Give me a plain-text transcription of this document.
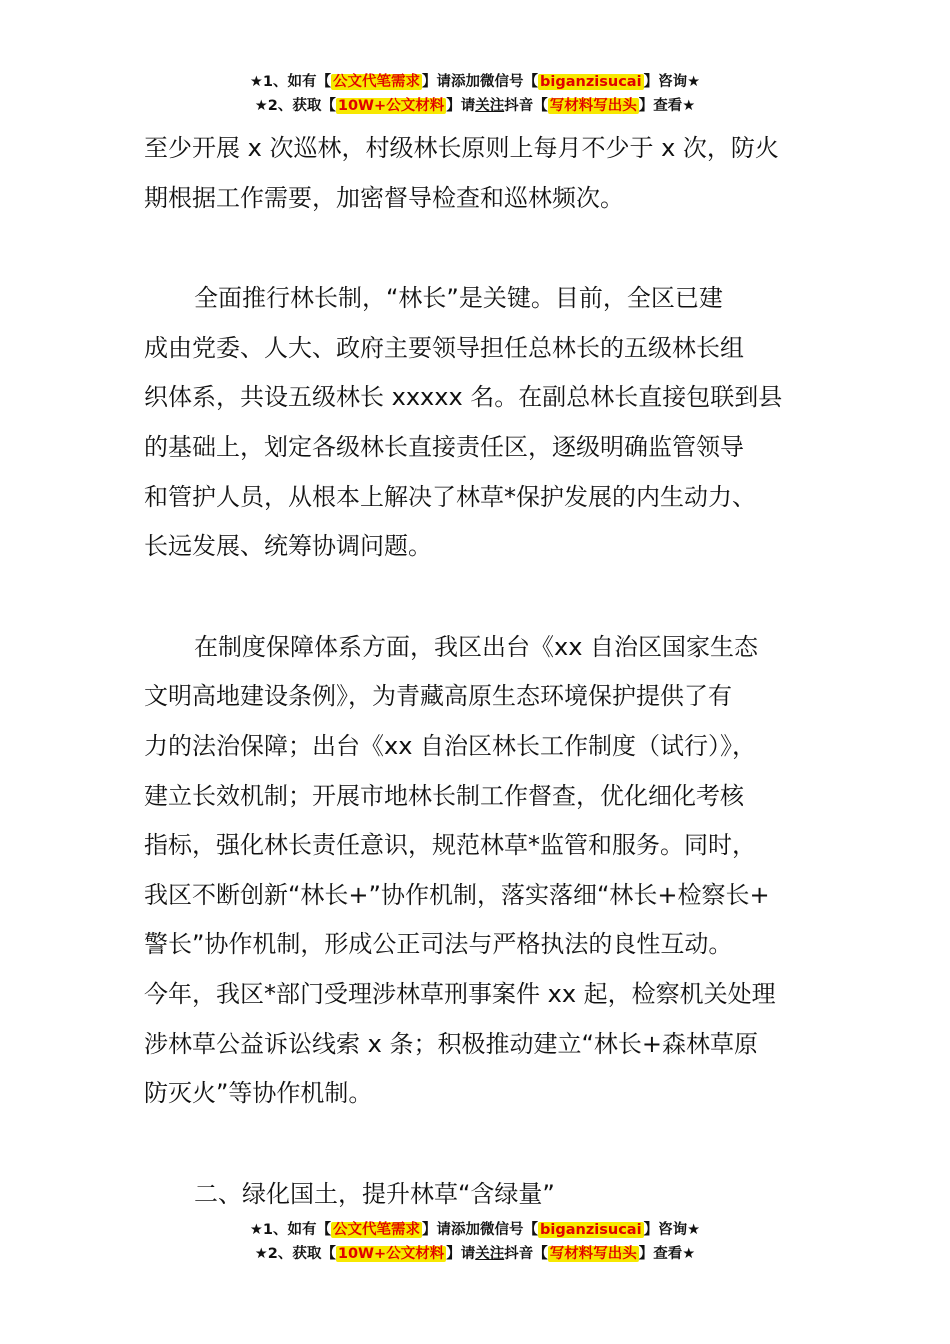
★1、如有【 公文代笔需求 】请添加微信号【 biganzisucai 】咨询★
★2、获取【 10W+公文材料 】请关注抖音【 写材料写出头 】查看★

至少开展 x 次巡林，村级林长原则上每月不少于 x 次，防火

期根据工作需要，加密督导检查和巡林频次。

全面推行林长制，“林长”是关键。目前，全区已建

成由党委、人大、政府主要领导担任总林长的五级林长组

织体系，共设五级林长 xxxxx 名。在副总林长直接包联到县

的基础上，划定各级林长直接责任区，逐级明确监管领导

和管护人员，从根本上解决了林草*保护发展的内生动力、

长远发展、统筹协调问题。

在制度保障体系方面，我区出台《xx 自治区国家生态

文明高地建设条例》，为青藏高原生态环境保护提供了有

力的法治保障；出台《xx 自治区林长工作制度（试行）》，

建立长效机制；开展市地林长制工作督查，优化细化考核

指标，强化林长责任意识，规范林草*监管和服务。同时，

我区不断创新“林长+”协作机制，落实落细“林长+检察长+

警长”协作机制，形成公正司法与严格执法的良性互动。

今年，我区*部门受理涉林草刑事案件 xx 起，检察机关处理

涉林草公益诉讼线索 x 条；积极推动建立“林长+森林草原

防灭火”等协作机制。

二、绿化国土，提升林草“含绿量”

★1、如有【 公文代笔需求 】请添加微信号【 biganzisucai 】咨询★
★2、获取【 10W+公文材料 】请关注抖音【 写材料写出头 】查看★
